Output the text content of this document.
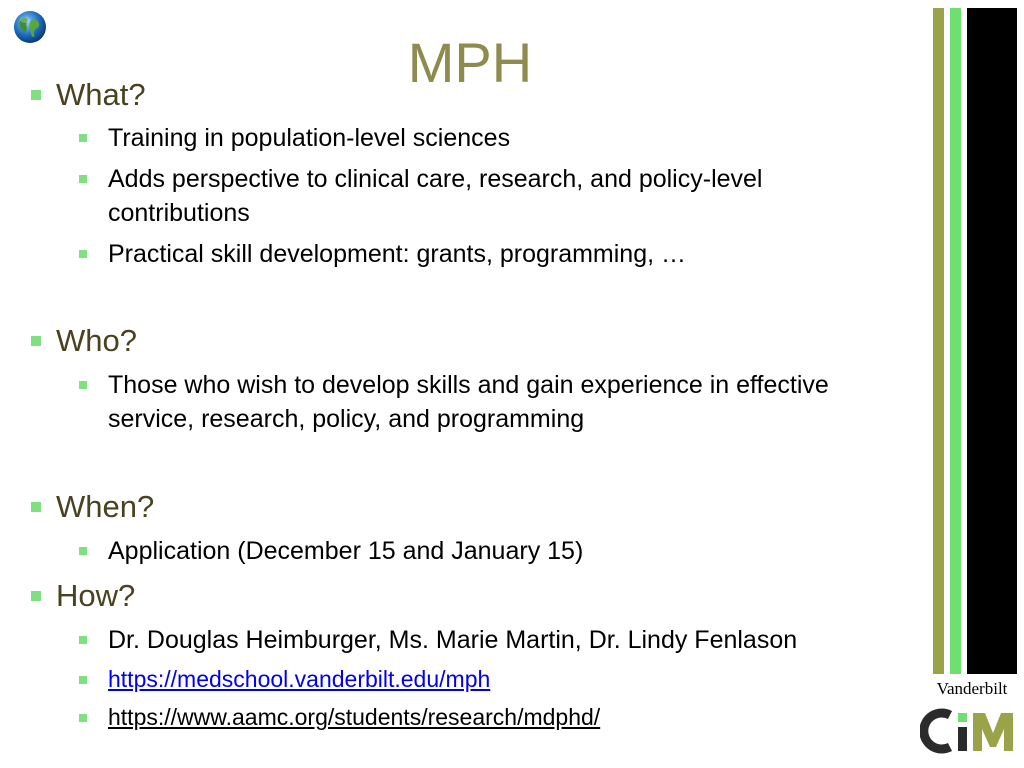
MPH
What?
Training in population-level sciences
Adds perspective to clinical care, research, and policy-level contributions
Practical skill development: grants, programming, …
Who?
Those who wish to develop skills and gain experience in effective service, research, policy, and programming
When?
Application (December 15 and January 15)
How?
Dr. Douglas Heimburger, Ms. Marie Martin, Dr. Lindy Fenlason
https://medschool.vanderbilt.edu/mph
https://www.aamc.org/students/research/mdphd/
Vanderbilt
